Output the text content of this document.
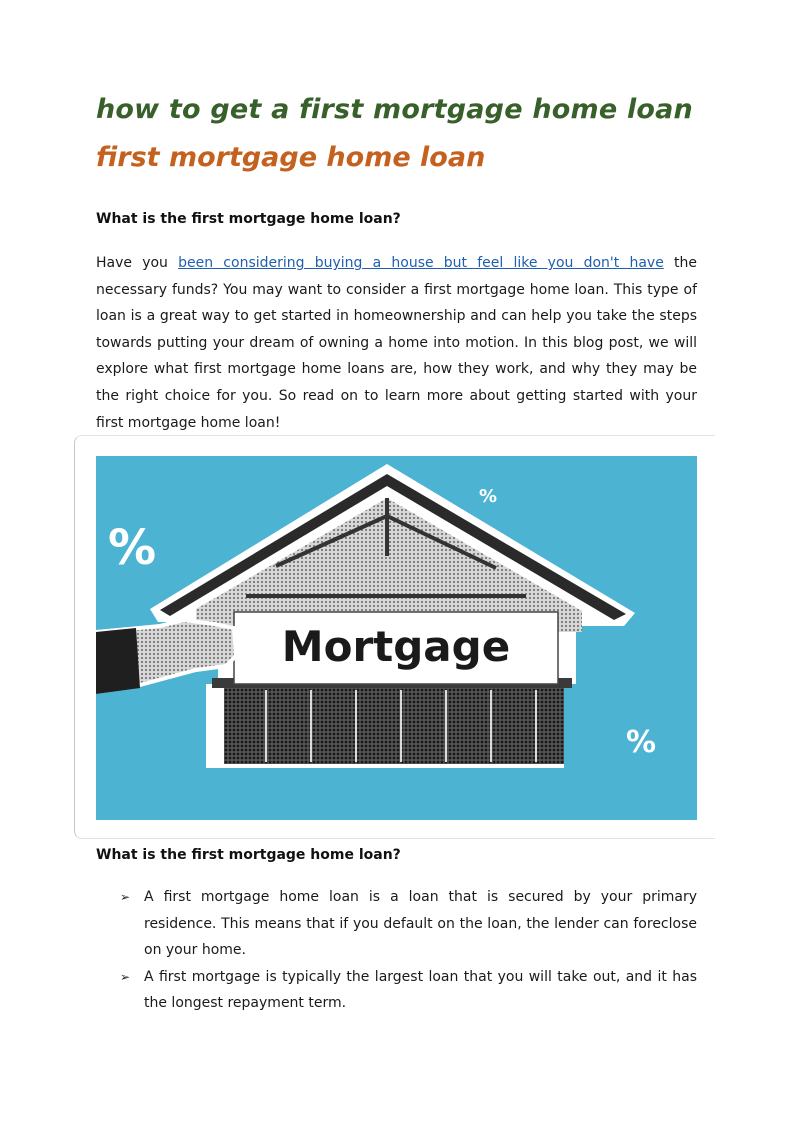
how to get a first mortgage home loan
first mortgage home loan
What is the first mortgage home loan?

Have you been considering buying a house but feel like you don't have the necessary funds? You may want to consider a first mortgage home loan. This type of loan is a great way to get started in homeownership and can help you take the steps towards putting your dream of owning a home into motion. In this blog post, we will explore what first mortgage home loans are, how they work, and why they may be the right choice for you. So read on to learn more about getting started with your first mortgage home loan!

%
%
%
Mortgage
What is the first mortgage home loan?
➢ A first mortgage home loan is a loan that is secured by your primary residence. This means that if you default on the loan, the lender can foreclose on your home.
➢ A first mortgage is typically the largest loan that you will take out, and it has the longest repayment term.
